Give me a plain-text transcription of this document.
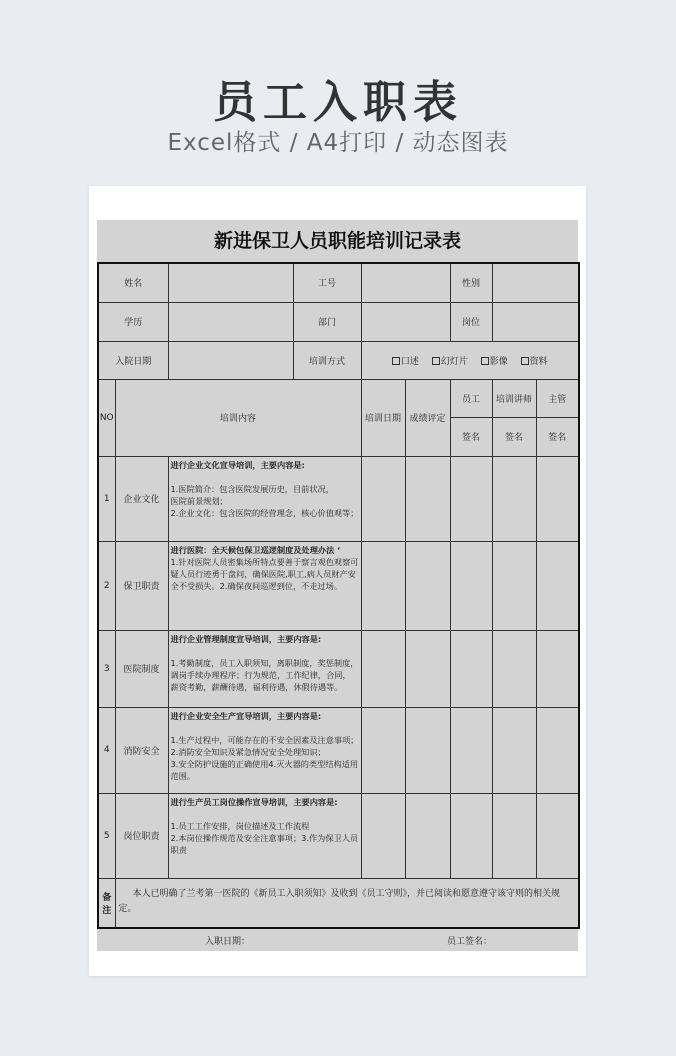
员工入职表
Excel格式 / A4打印 / 动态图表
新进保卫人员职能培训记录表
姓名			工号			性别		
学历			部门			岗位		
入院日期			培训方式	口述 幻灯片 影像 资料				
NO	培训内容			培训日期	成绩评定	员工	培训讲师	主管
						签名	签名	签名
1	企业文化	进行企业文化宣导培训，主要内容是:
1.医院简介：包含医院发展历史，目前状况，
医院前景规划；
2.企业文化：包含医院的经营理念，核心价值观等；						

2	保卫职责	进行医院：全天候包保卫巡逻制度及处理办法 ‘
1.针对医院人员密集场所特点要善于察言观色观察可疑人员行迹勇于盘问，确保医院,职工,病人员财产安全不受损失。2.确保夜间巡逻到位，不走过场。						

3	医院制度	进行企业管理制度宣导培训，主要内容是:
1.考勤制度，员工入职须知，离职制度，奖惩制度，
调岗手续办理程序；行为规范，工作纪律，合同，
薪资考勤，薪酬待遇，福利待遇，休假待遇等。						

4	消防安全	进行企业安全生产宣导培训，主要内容是:
1.生产过程中，可能存在的不安全因素及注意事项；
2.消防安全知识及紧急情况安全处理知识；
3.安全防护设施的正确使用4.灭火器的类型结构适用范围。						

5	岗位职责	进行生产员工岗位操作宣导培训，主要内容是:
1.员工工作安排，岗位描述及工作流程
2.本岗位操作规范及安全注意事项；3.作为保卫人员职责						

备注	本人已明确了兰考第一医院的《新员工入职须知》及收到《员工守则》，并已阅读和愿意遵守该守则的相关规定。							
入职日期：	员工签名：
